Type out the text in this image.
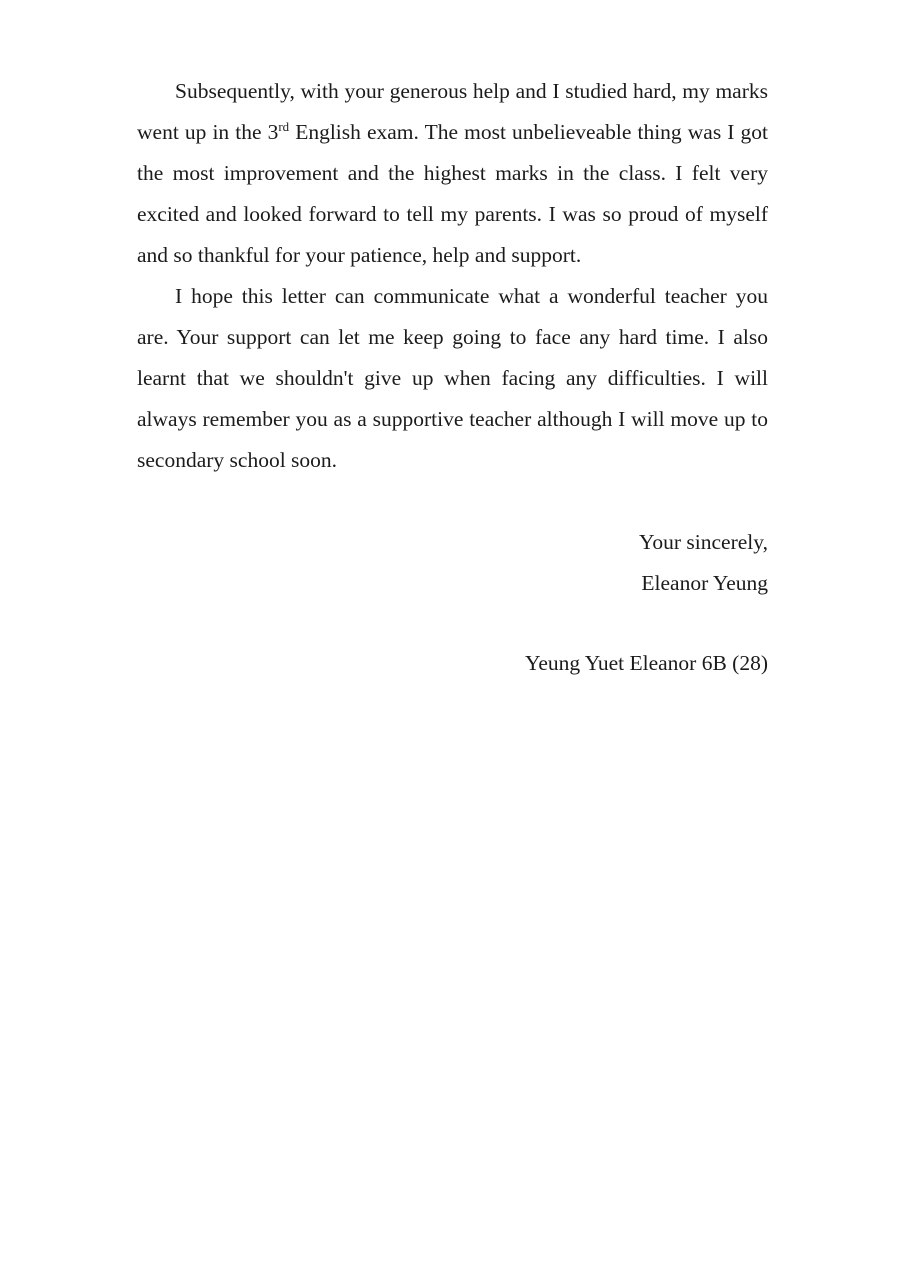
Subsequently, with your generous help and I studied hard, my marks went up in the 3rd English exam. The most unbelieveable thing was I got the most improvement and the highest marks in the class. I felt very excited and looked forward to tell my parents. I was so proud of myself and so thankful for your patience, help and support.

I hope this letter can communicate what a wonderful teacher you are. Your support can let me keep going to face any hard time. I also learnt that we shouldn't give up when facing any difficulties. I will always remember you as a supportive teacher although I will move up to secondary school soon.

Your sincerely,

Eleanor Yeung

Yeung Yuet Eleanor 6B (28)
